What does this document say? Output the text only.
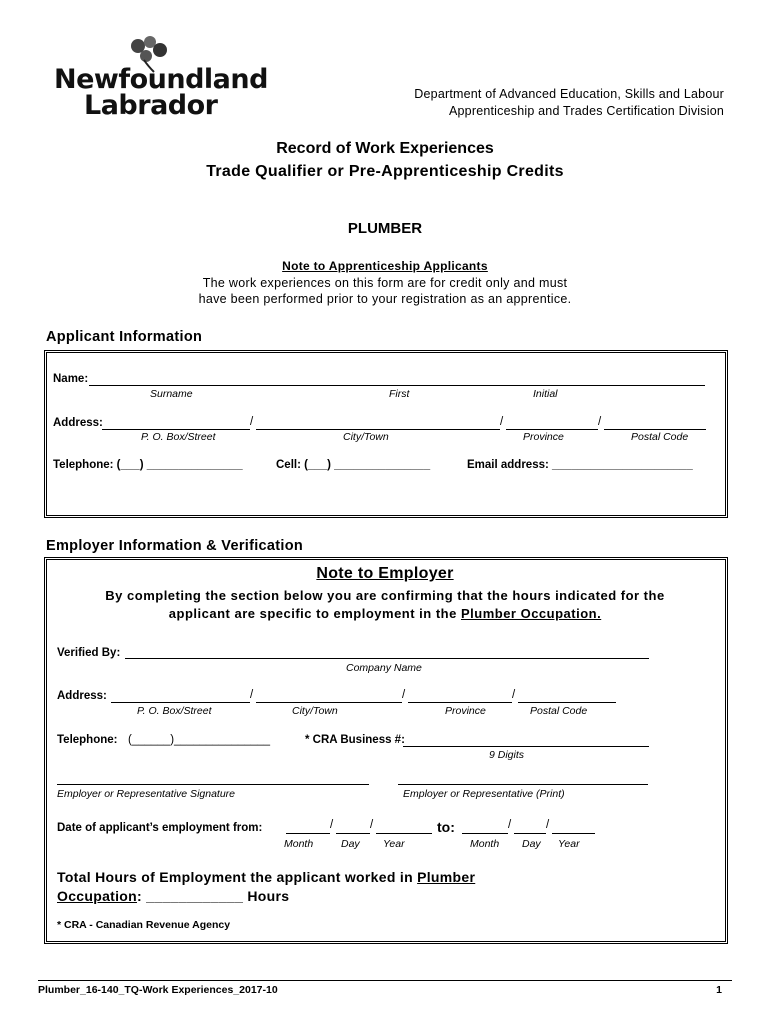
Newfoundland
Labrador	Department of Advanced Education, Skills and Labour
Apprenticeship and Trades Certification Division
Record of Work Experiences
Trade Qualifier or Pre-Apprenticeship Credits
PLUMBER
Note to Apprenticeship Applicants
The work experiences on this form are for credit only and must
have been performed prior to your registration as an apprentice.
Applicant Information
Name:
Surname	First	Initial
Address:	/	/	/
P. O. Box/Street	City/Town	Province	Postal Code
Telephone: (___) _______________	Cell: (___) _______________	Email address: ______________________
Employer Information & Verification
Note to Employer
By completing the section below you are confirming that the hours indicated for the
applicant are specific to employment in the Plumber Occupation.
Verified By:
Company Name
Address:	/	/	/
P. O. Box/Street	City/Town	Province	Postal Code
Telephone: (______)_______________	* CRA Business #:
9 Digits
Employer or Representative Signature	Employer or Representative (Print)
Date of applicant’s employment from:	/	/	to:	/	/
Month	Day Year	Month Day Year
Total Hours of Employment the applicant worked in Plumber
Occupation: ____________ Hours
* CRA - Canadian Revenue Agency
Plumber_16-140_TQ-Work Experiences_2017-10	1
